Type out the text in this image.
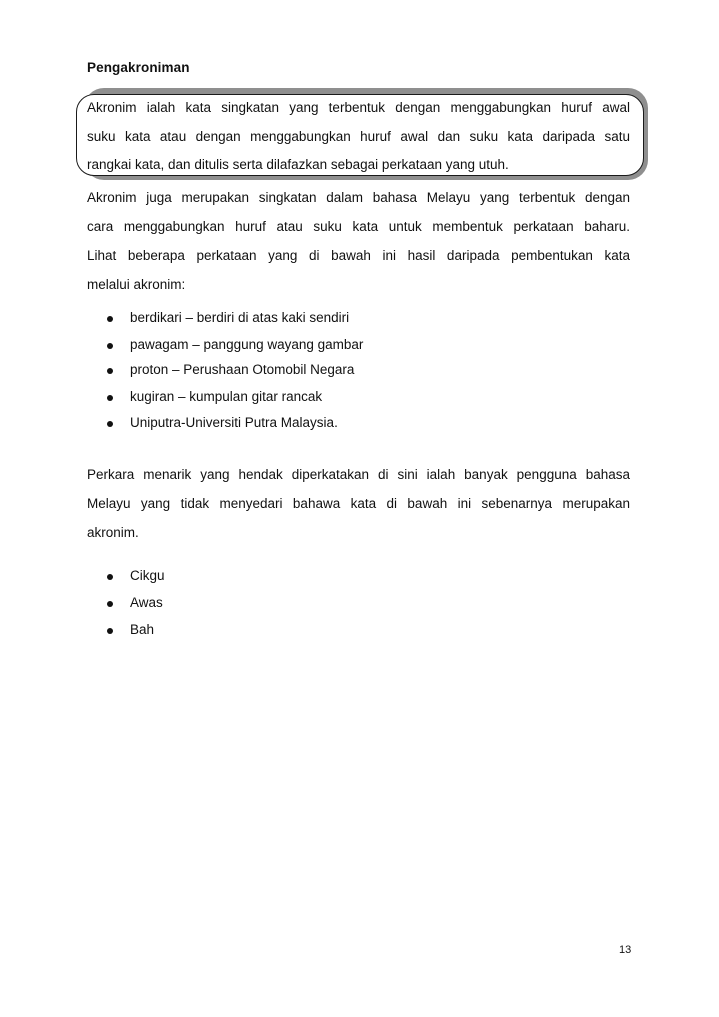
Pengakroniman
Akronim ialah kata singkatan yang terbentuk dengan menggabungkan huruf awal
suku kata atau dengan menggabungkan huruf awal dan suku kata daripada satu
rangkai kata, dan ditulis serta dilafazkan sebagai perkataan yang utuh.
Akronim juga merupakan singkatan dalam bahasa Melayu yang terbentuk dengan
cara menggabungkan huruf atau suku kata untuk membentuk perkataan baharu.
Lihat beberapa perkataan yang di bawah ini hasil daripada pembentukan kata
melalui akronim:
berdikari – berdiri di atas kaki sendiri
pawagam – panggung wayang gambar
proton – Perushaan Otomobil Negara
kugiran – kumpulan gitar rancak
Uniputra-Universiti Putra Malaysia.
Perkara menarik yang hendak diperkatakan di sini ialah banyak pengguna bahasa
Melayu yang tidak menyedari bahawa kata di bawah ini sebenarnya merupakan
akronim.
Cikgu
Awas
Bah
13
